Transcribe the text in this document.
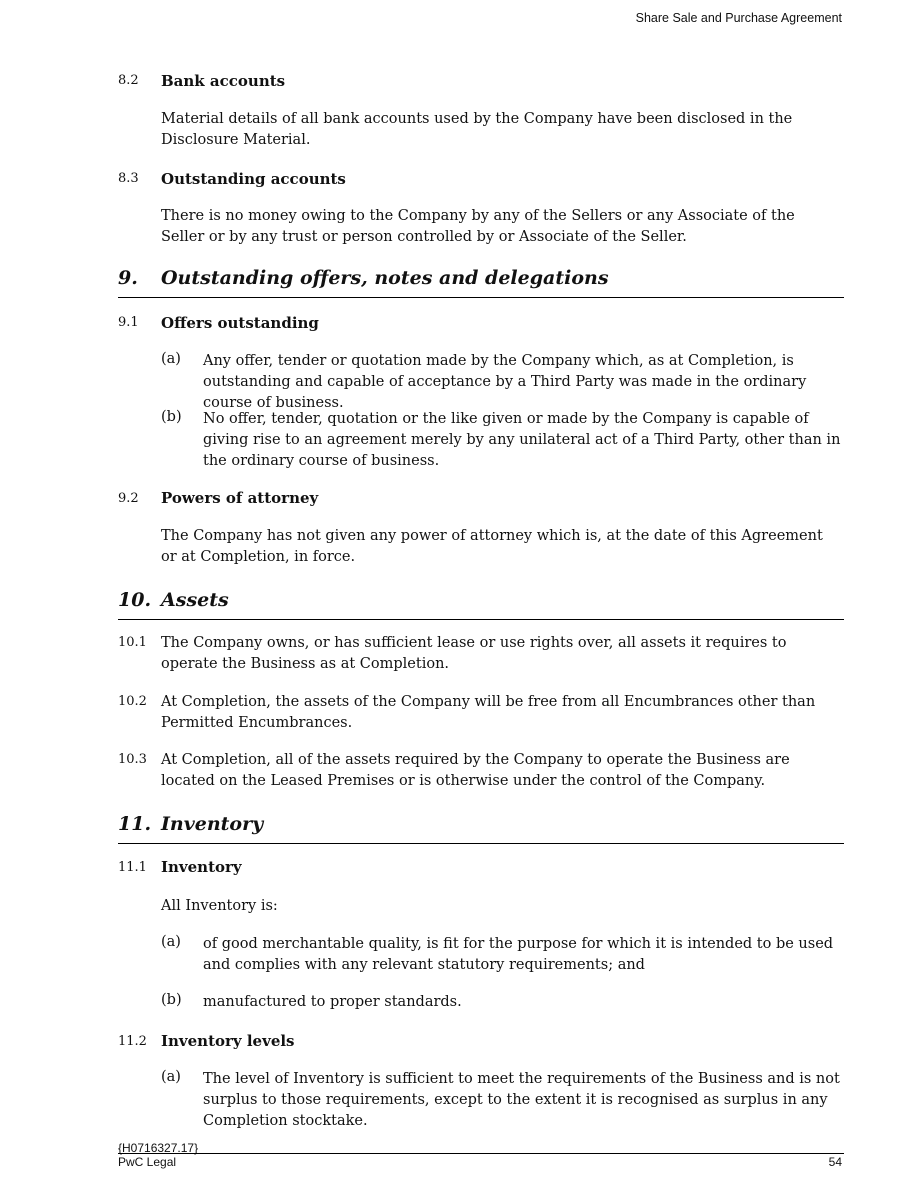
Share Sale and Purchase Agreement
8.2 Bank accounts
Material details of all bank accounts used by the Company have been disclosed in the Disclosure Material.
8.3 Outstanding accounts
There is no money owing to the Company by any of the Sellers or any Associate of the Seller or by any trust or person controlled by or Associate of the Seller.
9. Outstanding offers, notes and delegations
9.1 Offers outstanding
(a) Any offer, tender or quotation made by the Company which, as at Completion, is outstanding and capable of acceptance by a Third Party was made in the ordinary course of business.
(b) No offer, tender, quotation or the like given or made by the Company is capable of giving rise to an agreement merely by any unilateral act of a Third Party, other than in the ordinary course of business.
9.2 Powers of attorney
The Company has not given any power of attorney which is, at the date of this Agreement or at Completion, in force.
10. Assets
10.1 The Company owns, or has sufficient lease or use rights over, all assets it requires to operate the Business as at Completion.
10.2 At Completion, the assets of the Company will be free from all Encumbrances other than Permitted Encumbrances.
10.3 At Completion, all of the assets required by the Company to operate the Business are located on the Leased Premises or is otherwise under the control of the Company.
11. Inventory
11.1 Inventory
All Inventory is:
(a) of good merchantable quality, is fit for the purpose for which it is intended to be used and complies with any relevant statutory requirements; and
(b) manufactured to proper standards.
11.2 Inventory levels
(a) The level of Inventory is sufficient to meet the requirements of the Business and is not surplus to those requirements, except to the extent it is recognised as surplus in any Completion stocktake.
{H0716327.17}
PwC Legal	54
